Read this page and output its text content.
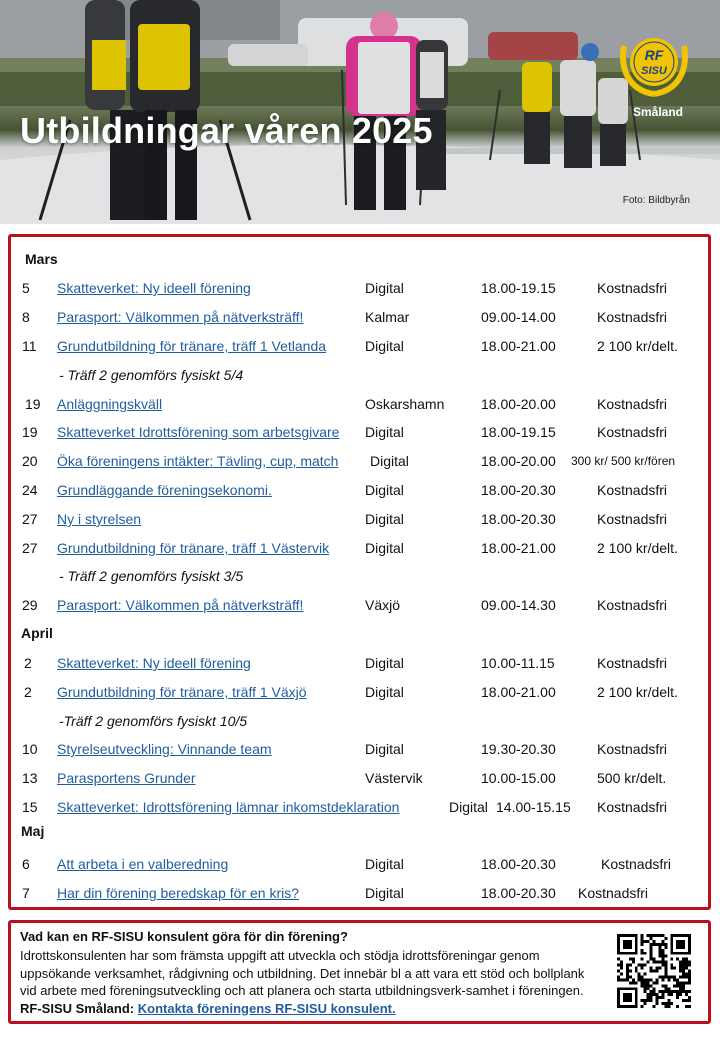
Utbildningar våren 2025
RF
SISU
Småland
Foto: Bildbyrån
Mars
5 Skatteverket: Ny ideell förening	Digital	18.00-19.15	Kostnadsfri
8 Parasport: Välkommen på nätverksträff!	Kalmar	09.00-14.00	Kostnadsfri
11 Grundutbildning för tränare, träff 1 Vetlanda	Digital	18.00-21.00	2 100 kr/delt.
- Träff 2 genomförs fysiskt 5/4
19 Anläggningskväll	Oskarshamn	18.00-20.00	Kostnadsfri
19 Skatteverket Idrottsförening som arbetsgivare Digital	18.00-19.15	Kostnadsfri
20 Öka föreningens intäkter: Tävling, cup, match Digital	18.00-20.00 300 kr/ 500 kr/fören
24 Grundläggande föreningsekonomi.	Digital	18.00-20.30	Kostnadsfri
27 Ny i styrelsen	Digital	18.00-20.30	Kostnadsfri
27 Grundutbildning för tränare, träff 1 Västervik	Digital	18.00-21.00	2 100 kr/delt.
- Träff 2 genomförs fysiskt 3/5
29 Parasport: Välkommen på nätverksträff!	Växjö	09.00-14.30	Kostnadsfri
April
2 Skatteverket: Ny ideell förening	Digital	10.00-11.15	Kostnadsfri
2 Grundutbildning för tränare, träff 1 Växjö	Digital	18.00-21.00	2 100 kr/delt.
-Träff 2 genomförs fysiskt 10/5
10 Styrelseutveckling: Vinnande team	Digital	19.30-20.30	Kostnadsfri
13 Parasportens Grunder	Västervik	10.00-15.00	500 kr/delt.
15 Skatteverket: Idrottsförening lämnar inkomstdeklaration	Digital 14.00-15.15 Kostnadsfri
Maj
6 Att arbeta i en valberedning	Digital	18.00-20.30	Kostnadsfri
7 Har din förening beredskap för en kris?	Digital	18.00-20.30 Kostnadsfri
Vad kan en RF-SISU konsulent göra för din förening?
Idrottskonsulenten har som främsta uppgift att utveckla och stödja idrottsföreningar genom uppsökande verksamhet, rådgivning och utbildning. Det innebär bl a att vara ett stöd och bollplank vid arbete med föreningsutveckling och att planera och starta utbildningsverk-samhet i föreningen. RF-SISU Småland: Kontakta föreningens RF-SISU konsulent.
